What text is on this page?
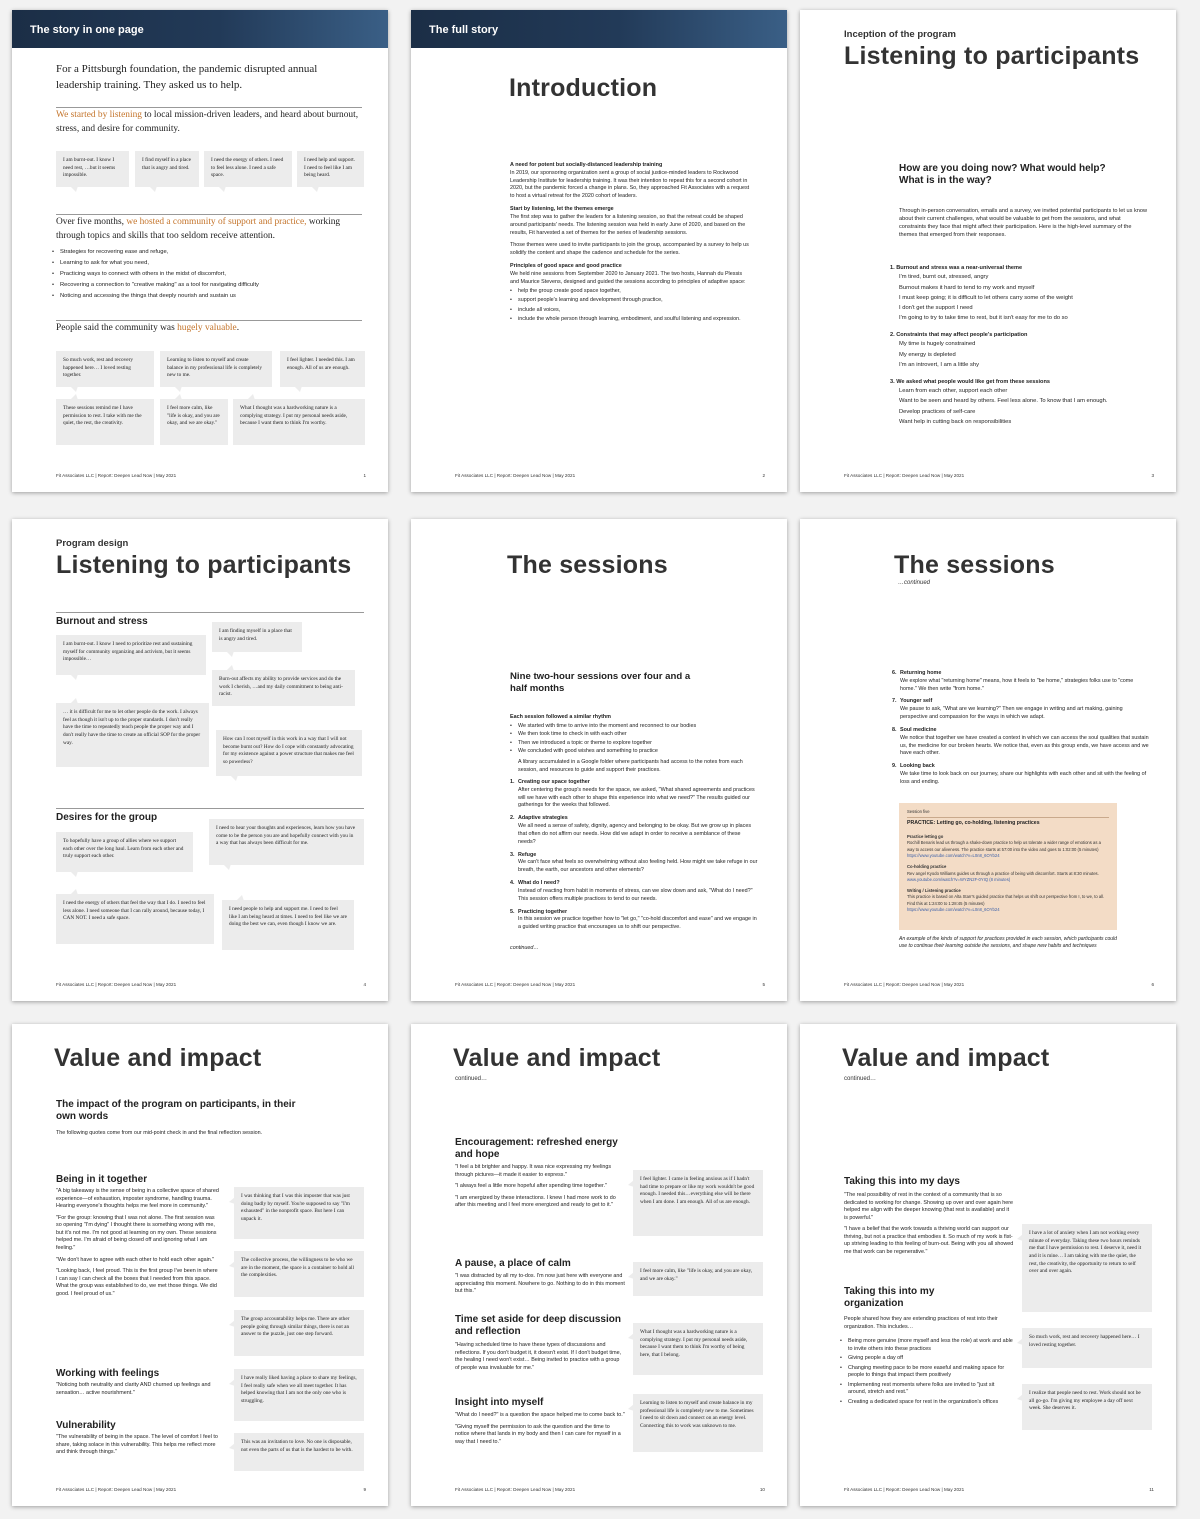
The story in one page
For a Pittsburgh foundation, the pandemic disrupted annual leadership training. They asked us to help.
We started by listening to local mission-driven leaders, and heard about burnout, stress, and desire for community.
I am burnt-out. I know I need rest, …but it seems impossible.
I find myself in a place that is angry and tired.
I need the energy of others. I need to feel less alone. I need a safe space.
I need help and support. I need to feel like I am being heard.
Over five months, we hosted a community of support and practice, working through topics and skills that too seldom receive attention.
• Strategies for recovering ease and refuge,
• Learning to ask for what you need,
• Practicing ways to connect with others in the midst of discomfort,
• Recovering a connection to "creative making" as a tool for navigating difficulty
• Noticing and accessing the things that deeply nourish and sustain us
People said the community was hugely valuable.
So much work, rest and recovery happened here… I loved resting together.
Learning to listen to myself and create balance in my professional life is completely new to me.
I feel lighter. I needed this. I am enough. All of us are enough.
These sessions remind me I have permission to rest. I take with me the quiet, the rest, the creativity.
I feel more calm, like "life is okay, and you are okay, and we are okay."
What I thought was a hardworking nature is a complying strategy. I put my personal needs aside, because I want them to think I'm worthy.
Fit Associates LLC | Report: Deepen Lead Now | May 2021	1
The full story
Introduction
A need for potent but socially-distanced leadership training
In 2019, our sponsoring organization sent a group of social justice-minded leaders to Rockwood Leadership Institute for leadership training. It was their intention to repeat this for a second cohort in 2020, but the pandemic forced a change in plans. So, they approached Fit Associates with a request to host a virtual retreat for the 2020 cohort of leaders.
Start by listening, let the themes emerge
The first step was to gather the leaders for a listening session, so that the retreat could be shaped around participants' needs. The listening session was held in early June of 2020, and based on the results, Fit harvested a set of themes for the series of leadership sessions.
Those themes were used to invite participants to join the group, accompanied by a survey to help us solidify the content and shape the cadence and schedule for the series.
Principles of good space and good practice
We held nine sessions from September 2020 to January 2021. The two hosts, Hannah du Plessis and Maurice Stevens, designed and guided the sessions according to principles of adaptive space:
• help the group create good space together,
• support people's learning and development through practice,
• include all voices,
• include the whole person through learning, embodiment, and soulful listening and expression.
Fit Associates LLC | Report: Deepen Lead Now | May 2021	2
Inception of the program
Listening to participants
How are you doing now? What would help? What is in the way?
Through in-person conversation, emails and a survey, we invited potential participants to let us know about their current challenges, what would be valuable to get from the sessions, and what constraints they face that might affect their participation. Here is the high-level summary of the themes that emerged from their responses.
1. Burnout and stress was a near-universal theme
I'm tired, burnt out, stressed, angry
Burnout makes it hard to tend to my work and myself
I must keep going; it is difficult to let others carry some of the weight
I don't get the support I need
I'm going to try to take time to rest, but it isn't easy for me to do so
2. Constraints that may affect people's participation
My time is hugely constrained
My energy is depleted
I'm an introvert, I am a little shy
3. We asked what people would like get from these sessions
Learn from each other, support each other
Want to be seen and heard by others. Feel less alone. To know that I am enough.
Develop practices of self-care
Want help in cutting back on responsibilities
Fit Associates LLC | Report: Deepen Lead Now | May 2021	3
Program design
Listening to participants
Burnout and stress
I am burnt-out. I know I need to prioritize rest and sustaining myself for community organizing and activism, but it seems impossible…
I am finding myself in a place that is angry and tired.
Burn-out affects my ability to provide services and do the work I cherish, …and my daily commitment to being anti-racist.
… it is difficult for me to let other people do the work. I always feel as though it isn't up to the proper standards. I don't really have the time to repeatedly teach people the proper way and I don't really have the time to create an official SOP for the proper way.
How can I root myself in this work in a way that I will not become burnt out? How do I cope with constantly advocating for my existence against a power structure that makes me feel so powerless?
Desires for the group
To hopefully have a group of allies where we support each other over the long haul. Learn from each other and truly support each other.
I need to hear your thoughts and experiences, learn how you have come to be the person you are and hopefully connect with you in a way that has always been difficult for me.
I need the energy of others that feel the way that I do. I need to feel less alone. I need someone that I can rally around, because today, I CAN NOT. I need a safe space.
I need people to help and support me. I need to feel like I am being heard at times. I need to feel like we are doing the best we can, even though I know we are.
Fit Associates LLC | Report: Deepen Lead Now | May 2021	4
The sessions
Nine two-hour sessions over four and a half months
Each session followed a similar rhythm
• We started with time to arrive into the moment and reconnect to our bodies
• We then took time to check in with each other
• Then we introduced a topic or theme to explore together
• We concluded with good wishes and something to practice
A library accumulated in a Google folder where participants had access to the notes from each session, and resources to guide and support their practices.
1. Creating our space together
After centering the group's needs for the space, we asked, "What shared agreements and practices will we have with each other to shape this experience into what we need?" The results guided our gatherings for the weeks that followed.
2. Adaptive strategies
We all need a sense of safety, dignity, agency and belonging to be okay. But we grow up in places that often do not affirm our needs. How did we adapt in order to receive a semblance of these needs?
3. Refuge
We can't face what feels so overwhelming without also feeling held. How might we take refuge in our breath, the earth, our ancestors and other elements?
4. What do I need?
Instead of reacting from habit in moments of stress, can we slow down and ask, "What do I need?" This session offers multiple practices to tend to our needs.
5. Practicing together
In this session we practice together how to "let go," "co-hold discomfort and ease" and we engage in a guided writing practice that encourages us to shift our perspective.
continued…
Fit Associates LLC | Report: Deepen Lead Now | May 2021	5
The sessions
…continued
6. Returning home
We explore what "returning home" means, how it feels to "be home," strategies folks use to "come home." We then write "from home."
7. Younger self
We pause to ask, "What are we learning?" Then we engage in writing and art making, gaining perspective and compassion for the ways in which we adapt.
8. Soul medicine
We notice that together we have created a context in which we can access the soul qualities that sustain us, the medicine for our broken hearts. We notice that, even as this group ends, we have access and we have each other.
9. Looking back
We take time to look back on our journey, share our highlights with each other and sit with the feeling of loss and ending.
Session five
PRACTICE: Letting go, co-holding, listening practices
Practice letting go
Rochill Benaris lead us through a shake-down practice to help us tolerate a wider range of emotions as a way to access our aliveness. The practice starts at 57:00 into the video and goes to 1:02:00 (5 minutes)
https://www.youtube.com/watch?v=L0n8_6OYb24
Co-holding practice
Rev angel Kyodo Williams guides us through a practice of being with discomfort. Starts at 8:30 minutes.
www.youtube.com/watch?v=WYZN2F-0YIQ (8 minutes)
Writing / Listening practice
This practice is based on Alta Starr's guided practice that helps us shift our perspective from I, to we, to all. Find this at 1:24:00 to 1:28:45 (5 minutes)
https://www.youtube.com/watch?v=L0n8_6OYb24
An example of the kinds of support for practices provided in each session, which participants could use to continue their learning outside the sessions, and shape new habits and techniques
Fit Associates LLC | Report: Deepen Lead Now | May 2021	6
Value and impact
The impact of the program on participants, in their own words
The following quotes come from our mid-point check in and the final reflection session.
Being in it together
"A big takeaway is the sense of being in a collective space of shared experience—of exhaustion, imposter syndrome, handling trauma. Hearing everyone's thoughts helps me feel more in community."
"For the group: knowing that I was not alone. The first session was so opening "I'm dying" I thought there is something wrong with me, but it's not me. I'm not good at learning on my own. These sessions helped me. I'm afraid of being closed off and ignoring what I am feeling."
"We don't have to agree with each other to hold each other again."
"Looking back, I feel proud. This is the first group I've been in where I can say I can check all the boxes that I needed from this space. What the group was established to do, we met those things. We did good. I feel proud of us."
Working with feelings
"Noticing both neutrality and clarity AND churned up feelings and sensation… active nourishment."
Vulnerability
"The vulnerability of being in the space. The level of comfort I feel to share, taking solace in this vulnerability. This helps me reflect more and think through things."
I was thinking that I was this imposter that was just doing badly by myself. You're supposed to say "I'm exhausted" in the nonprofit space. But here I can unpack it.
The collective process, the willingness to be who we are in the moment, the space is a container to hold all the complexities.
The group accountability helps me. There are other people going through similar things, there is not an answer to the puzzle, just one step forward.
I have really liked having a place to share my feelings, I feel really safe when we all meet together. It has helped knowing that I am not the only one who is struggling.
This was an invitation to love. No one is disposable, not even the parts of us that is the hardest to be with.
Fit Associates LLC | Report: Deepen Lead Now | May 2021	9
Value and impact
continued…
Encouragement: refreshed energy and hope
"I feel a bit brighter and happy. It was nice expressing my feelings through pictures—it made it easier to express."
"I always feel a little more hopeful after spending time together."
"I am energized by these interactions. I knew I had more work to do after this meeting and I feel more energized and ready to get to it."
A pause, a place of calm
"I was distracted by all my to-dos. I'm now just here with everyone and appreciating this moment. Nowhere to go. Nothing to do in this moment but this."
Time set aside for deep discussion and reflection
"Having scheduled time to have these types of discussions and reflections. If you don't budget it, it doesn't exist. If I don't budget time, the healing I need won't exist… Being invited to practice with a group of people was invaluable for me."
Insight into myself
"What do I need?" is a question the space helped me to come back to."
"Giving myself the permission to ask the question and the time to notice where that lands in my body and then I can care for myself in a way that I need to."
I feel lighter. I came in feeling anxious as if I hadn't had time to prepare or like my work wouldn't be good enough. I needed this…everything else will be there when I am done. I am enough. All of us are enough.
I feel more calm, like "life is okay, and you are okay, and we are okay."
What I thought was a hardworking nature is a complying strategy. I put my personal needs aside, because I want them to think I'm worthy of being here, that I belong.
Learning to listen to myself and create balance in my professional life is completely new to me. Sometimes I need to sit down and connect on an energy level. Connecting this to work was unknown to me.
Fit Associates LLC | Report: Deepen Lead Now | May 2021	10
Value and impact
continued…
Taking this into my days
"The real possibility of rest in the context of a community that is so dedicated to working for change. Showing up over and over again here helped me align with the deeper knowing (that rest is available) and it is powerful."
"I have a belief that the work towards a thriving world can support our thriving, but not a practice that embodies it. So much of my work is fist-up striving leading to this feeling of burn-out. Being with you all showed me that work can be regenerative."
Taking this into my organization
People shared how they are extending practices of rest into their organization. This includes…
• Being more genuine (more myself and less the role) at work and able to invite others into these practices
• Giving people a day off
• Changing meeting pace to be more easeful and making space for people to things that impact them positively
• Implementing rest moments where folks are invited to "just sit around, stretch and rest."
• Creating a dedicated space for rest in the organization's offices
I have a lot of anxiety when I am not working every minute of everyday. Taking these two hours reminds me that I have permission to rest. I deserve it, need it and it is mine… I am taking with me the quiet, the rest, the creativity, the opportunity to return to self over and over again.
So much work, rest and recovery happened here… I loved resting together.
I realize that people need to rest. Work should not be all go-go. I'm giving my employee a day off next week. She deserves it.
Fit Associates LLC | Report: Deepen Lead Now | May 2021	11
